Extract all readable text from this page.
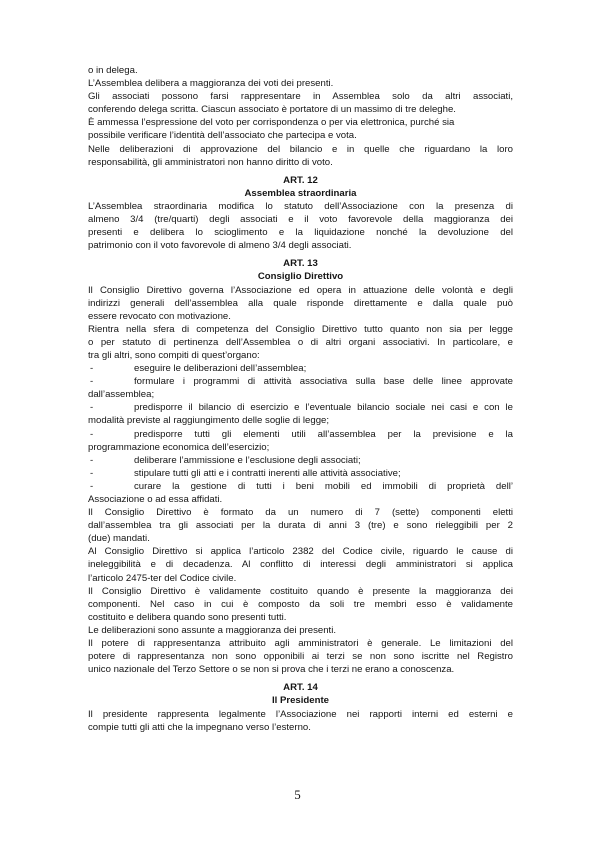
o in delega.
L’Assemblea delibera a maggioranza dei voti dei presenti.
Gli associati possono farsi rappresentare in Assemblea solo da altri associati,
conferendo delega scritta. Ciascun associato è portatore di un massimo di tre deleghe.
È ammessa l’espressione del voto per corrispondenza o per via elettronica, purché sia
possibile verificare l’identità dell’associato che partecipa e vota.
Nelle deliberazioni di approvazione del bilancio e in quelle che riguardano la loro
responsabilità, gli amministratori non hanno diritto di voto.
ART. 12
Assemblea straordinaria
L’Assemblea straordinaria modifica lo statuto dell’Associazione con la presenza di
almeno 3/4 (tre/quarti) degli associati e il voto favorevole della maggioranza dei
presenti e delibera lo scioglimento e la liquidazione nonché la devoluzione del
patrimonio con il voto favorevole di almeno 3/4 degli associati.
ART. 13
Consiglio Direttivo
Il Consiglio Direttivo governa l’Associazione ed opera in attuazione delle volontà e degli
indirizzi generali dell’assemblea alla quale risponde direttamente e dalla quale può
essere revocato con motivazione.
Rientra nella sfera di competenza del Consiglio Direttivo tutto quanto non sia per legge
o per statuto di pertinenza dell’Assemblea o di altri organi associativi. In particolare, e
tra gli altri, sono compiti di quest’organo:
-	eseguire le deliberazioni dell’assemblea;
-	formulare i programmi di attività associativa sulla base delle linee approvate
dall’assemblea;
-	predisporre il bilancio di esercizio e l’eventuale bilancio sociale nei casi e con le
modalità previste al raggiungimento delle soglie di legge;
-	predisporre tutti gli elementi utili all’assemblea per la previsione e la
programmazione economica dell’esercizio;
-	deliberare l’ammissione e l’esclusione degli associati;
-	stipulare tutti gli atti e i contratti inerenti alle attività associative;
-	curare la gestione di tutti i beni mobili ed immobili di proprietà dell’
Associazione o ad essa affidati.
Il Consiglio Direttivo è formato da un numero di 7 (sette) componenti eletti
dall’assemblea tra gli associati per la durata di anni 3 (tre) e sono rieleggibili per 2
(due) mandati.
Al Consiglio Direttivo si applica l’articolo 2382 del Codice civile, riguardo le cause di
ineleggibilità e di decadenza. Al conflitto di interessi degli amministratori si applica
l’articolo 2475-ter del Codice civile.
Il Consiglio Direttivo è validamente costituito quando è presente la maggioranza dei
componenti. Nel caso in cui è composto da soli tre membri esso è validamente
costituito e delibera quando sono presenti tutti.
Le deliberazioni sono assunte a maggioranza dei presenti.
Il potere di rappresentanza attribuito agli amministratori è generale. Le limitazioni del
potere di rappresentanza non sono opponibili ai terzi se non sono iscritte nel Registro
unico nazionale del Terzo Settore o se non si prova che i terzi ne erano a conoscenza.
ART. 14
Il Presidente
Il presidente rappresenta legalmente l’Associazione nei rapporti interni ed esterni e
compie tutti gli atti che la impegnano verso l’esterno.
5
